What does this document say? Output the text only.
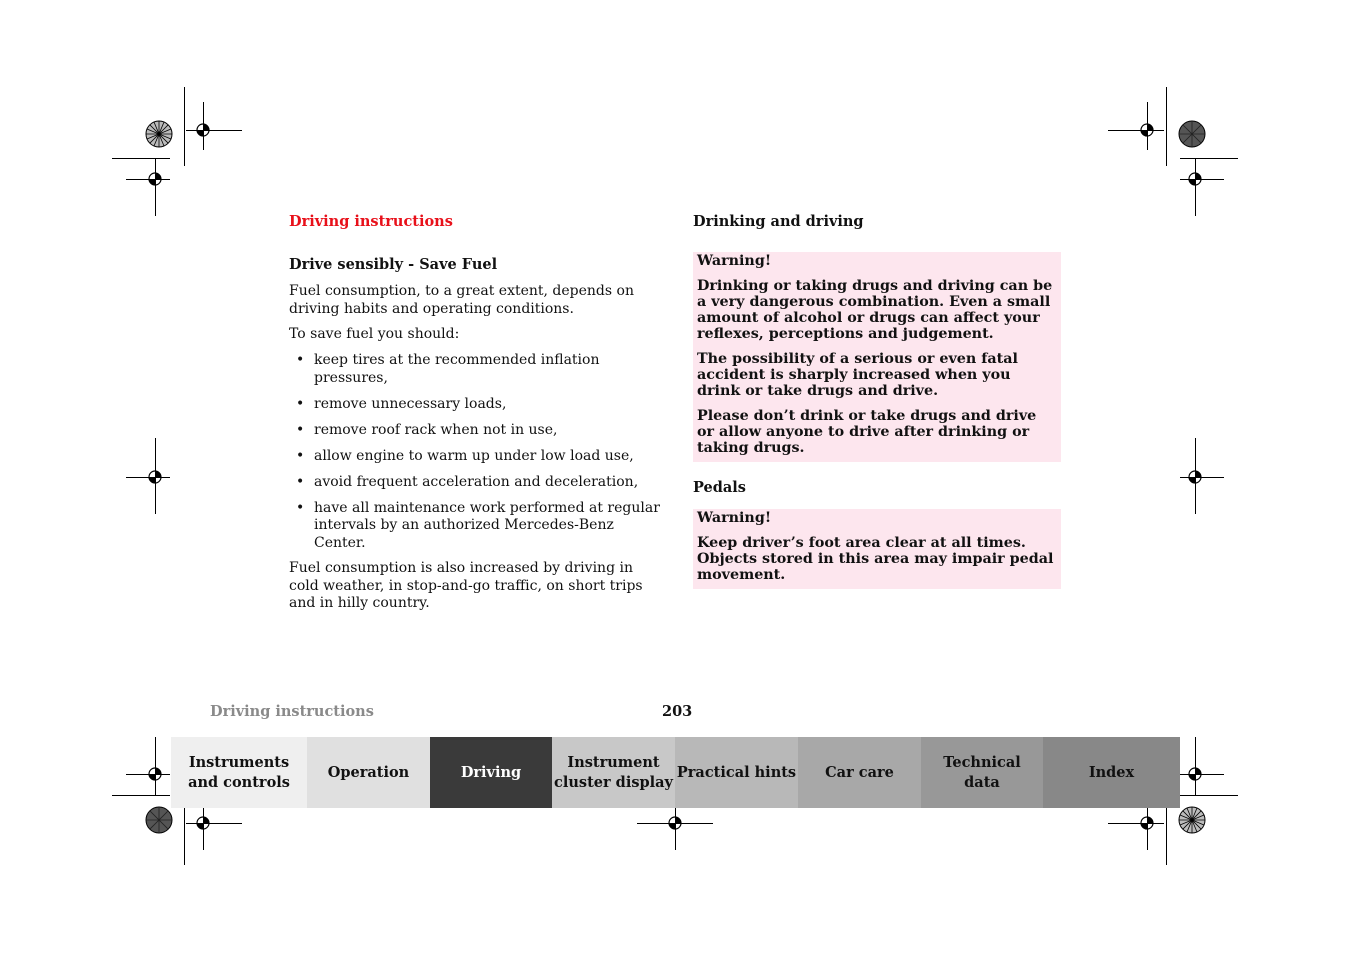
Driving instructions

Drive sensibly - Save Fuel

Fuel consumption, to a great extent, depends on driving habits and operating conditions.

To save fuel you should:

• keep tires at the recommended inflation pressures,
• remove unnecessary loads,
• remove roof rack when not in use,
• allow engine to warm up under low load use,
• avoid frequent acceleration and deceleration,
• have all maintenance work performed at regular intervals by an authorized Mercedes-Benz Center.

Fuel consumption is also increased by driving in cold weather, in stop-and-go traffic, on short trips and in hilly country.

Drinking and driving

Warning!

Drinking or taking drugs and driving can be a very dangerous combination. Even a small amount of alcohol or drugs can affect your reflexes, perceptions and judgement.

The possibility of a serious or even fatal accident is sharply increased when you drink or take drugs and drive.

Please don’t drink or take drugs and drive or allow anyone to drive after drinking or taking drugs.

Pedals

Warning!

Keep driver’s foot area clear at all times. Objects stored in this area may impair pedal movement.

Driving instructions	203
Instruments
and controls
Operation	Driving
Instrument
cluster display
Practical hints Car care
Technical
data
Index
